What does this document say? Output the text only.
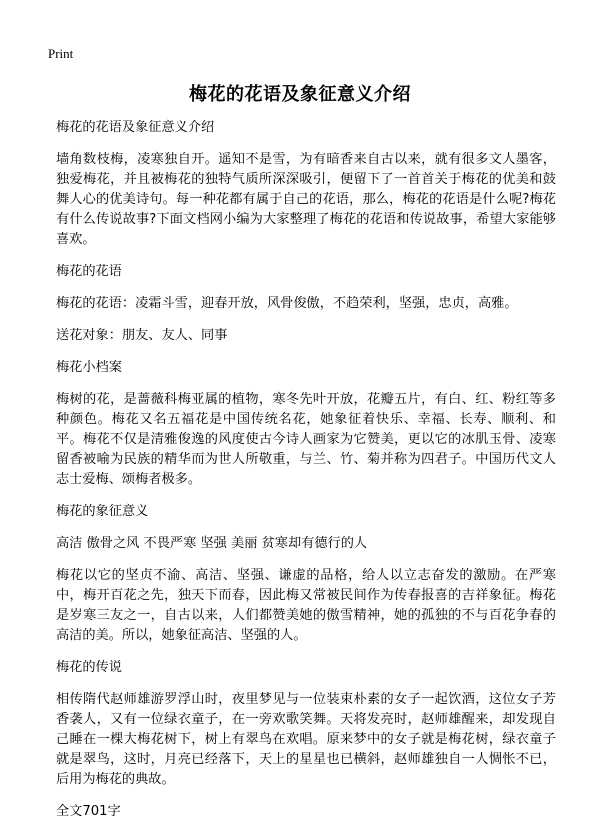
Print
梅花的花语及象征意义介绍

梅花的花语及象征意义介绍

墙角数枝梅，凌寒独自开。遥知不是雪，为有暗香来自古以来，就有很多文人墨客，独爱梅花，并且被梅花的独特气质所深深吸引，便留下了一首首关于梅花的优美和鼓舞人心的优美诗句。每一种花都有属于自己的花语，那么，梅花的花语是什么呢?梅花有什么传说故事?下面文档网小编为大家整理了梅花的花语和传说故事，希望大家能够喜欢。

梅花的花语

梅花的花语：凌霜斗雪，迎春开放，风骨俊傲，不趋荣利，坚强，忠贞，高雅。

送花对象：朋友、友人、同事

梅花小档案

梅树的花，是蔷薇科梅亚属的植物，寒冬先叶开放，花瓣五片，有白、红、粉红等多种颜色。梅花又名五福花是中国传统名花，她象征着快乐、幸福、长寿、顺利、和平。梅花不仅是清雅俊逸的风度使古今诗人画家为它赞美，更以它的冰肌玉骨、凌寒留香被喻为民族的精华而为世人所敬重，与兰、竹、菊并称为四君子。中国历代文人志士爱梅、颂梅者极多。

梅花的象征意义

高洁 傲骨之风 不畏严寒 坚强 美丽 贫寒却有德行的人

梅花以它的坚贞不渝、高洁、坚强、谦虚的品格，给人以立志奋发的激励。在严寒中，梅开百花之先，独天下而春，因此梅又常被民间作为传春报喜的吉祥象征。梅花是岁寒三友之一，自古以来，人们都赞美她的傲雪精神，她的孤独的不与百花争春的高洁的美。所以，她象征高洁、坚强的人。

梅花的传说

相传隋代赵师雄游罗浮山时，夜里梦见与一位装束朴素的女子一起饮酒，这位女子芳香袭人，又有一位绿衣童子，在一旁欢歌笑舞。天将发亮时，赵师雄醒来，却发现自己睡在一棵大梅花树下，树上有翠鸟在欢唱。原来梦中的女子就是梅花树，绿衣童子就是翠鸟，这时，月亮已经落下，天上的星星也已横斜，赵师雄独自一人惆怅不已，后用为梅花的典故。

全文701字
